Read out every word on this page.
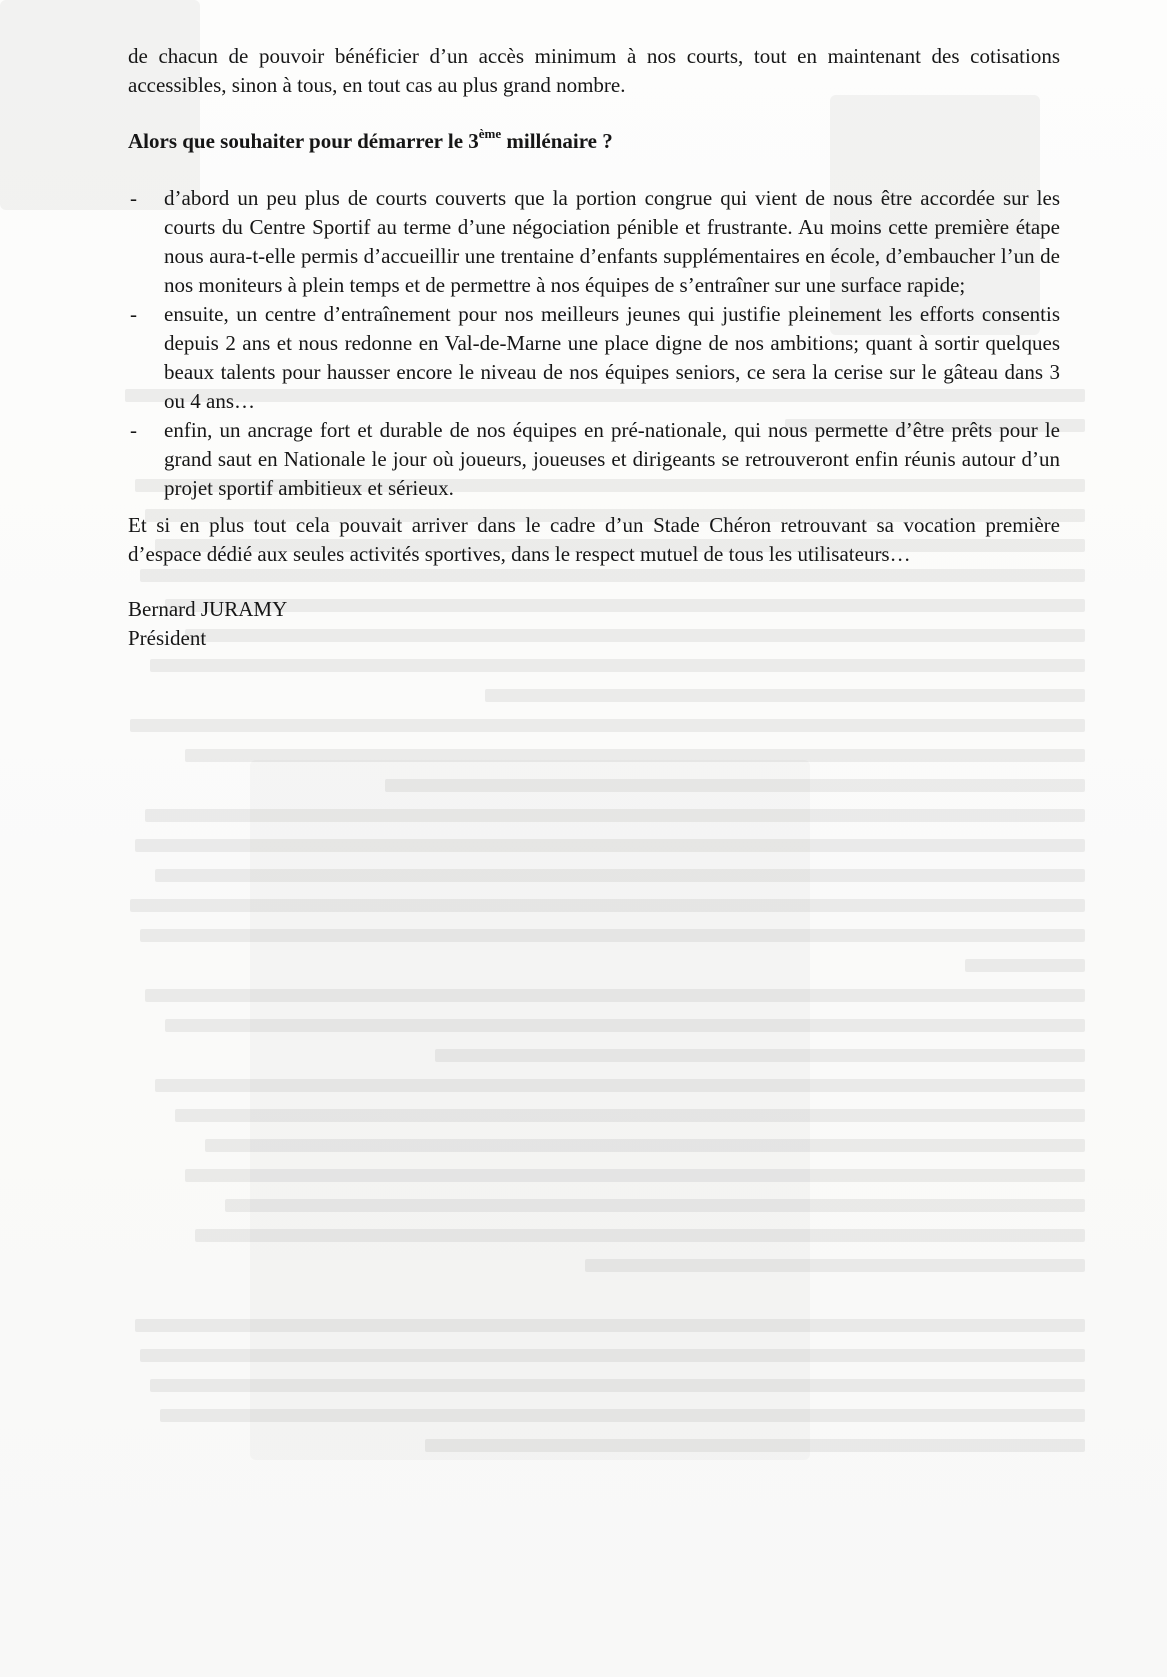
de chacun de pouvoir bénéficier d’un accès minimum à nos courts, tout en maintenant des cotisations accessibles, sinon à tous, en tout cas au plus grand nombre.

Alors que souhaiter pour démarrer le 3ème millénaire ?

- d’abord un peu plus de courts couverts que la portion congrue qui vient de nous être accordée sur les courts du Centre Sportif au terme d’une négociation pénible et frustrante. Au moins cette première étape nous aura-t-elle permis d’accueillir une trentaine d’enfants supplémentaires en école, d’embaucher l’un de nos moniteurs à plein temps et de permettre à nos équipes de s’entraîner sur une surface rapide;
- ensuite, un centre d’entraînement pour nos meilleurs jeunes qui justifie pleinement les efforts consentis depuis 2 ans et nous redonne en Val-de-Marne une place digne de nos ambitions; quant à sortir quelques beaux talents pour hausser encore le niveau de nos équipes seniors, ce sera la cerise sur le gâteau dans 3 ou 4 ans…
- enfin, un ancrage fort et durable de nos équipes en pré-nationale, qui nous permette d’être prêts pour le grand saut en Nationale le jour où joueurs, joueuses et dirigeants se retrouveront enfin réunis autour d’un projet sportif ambitieux et sérieux.

Et si en plus tout cela pouvait arriver dans le cadre d’un Stade Chéron retrouvant sa vocation première d’espace dédié aux seules activités sportives, dans le respect mutuel de tous les utilisateurs…

Bernard JURAMY
Président
